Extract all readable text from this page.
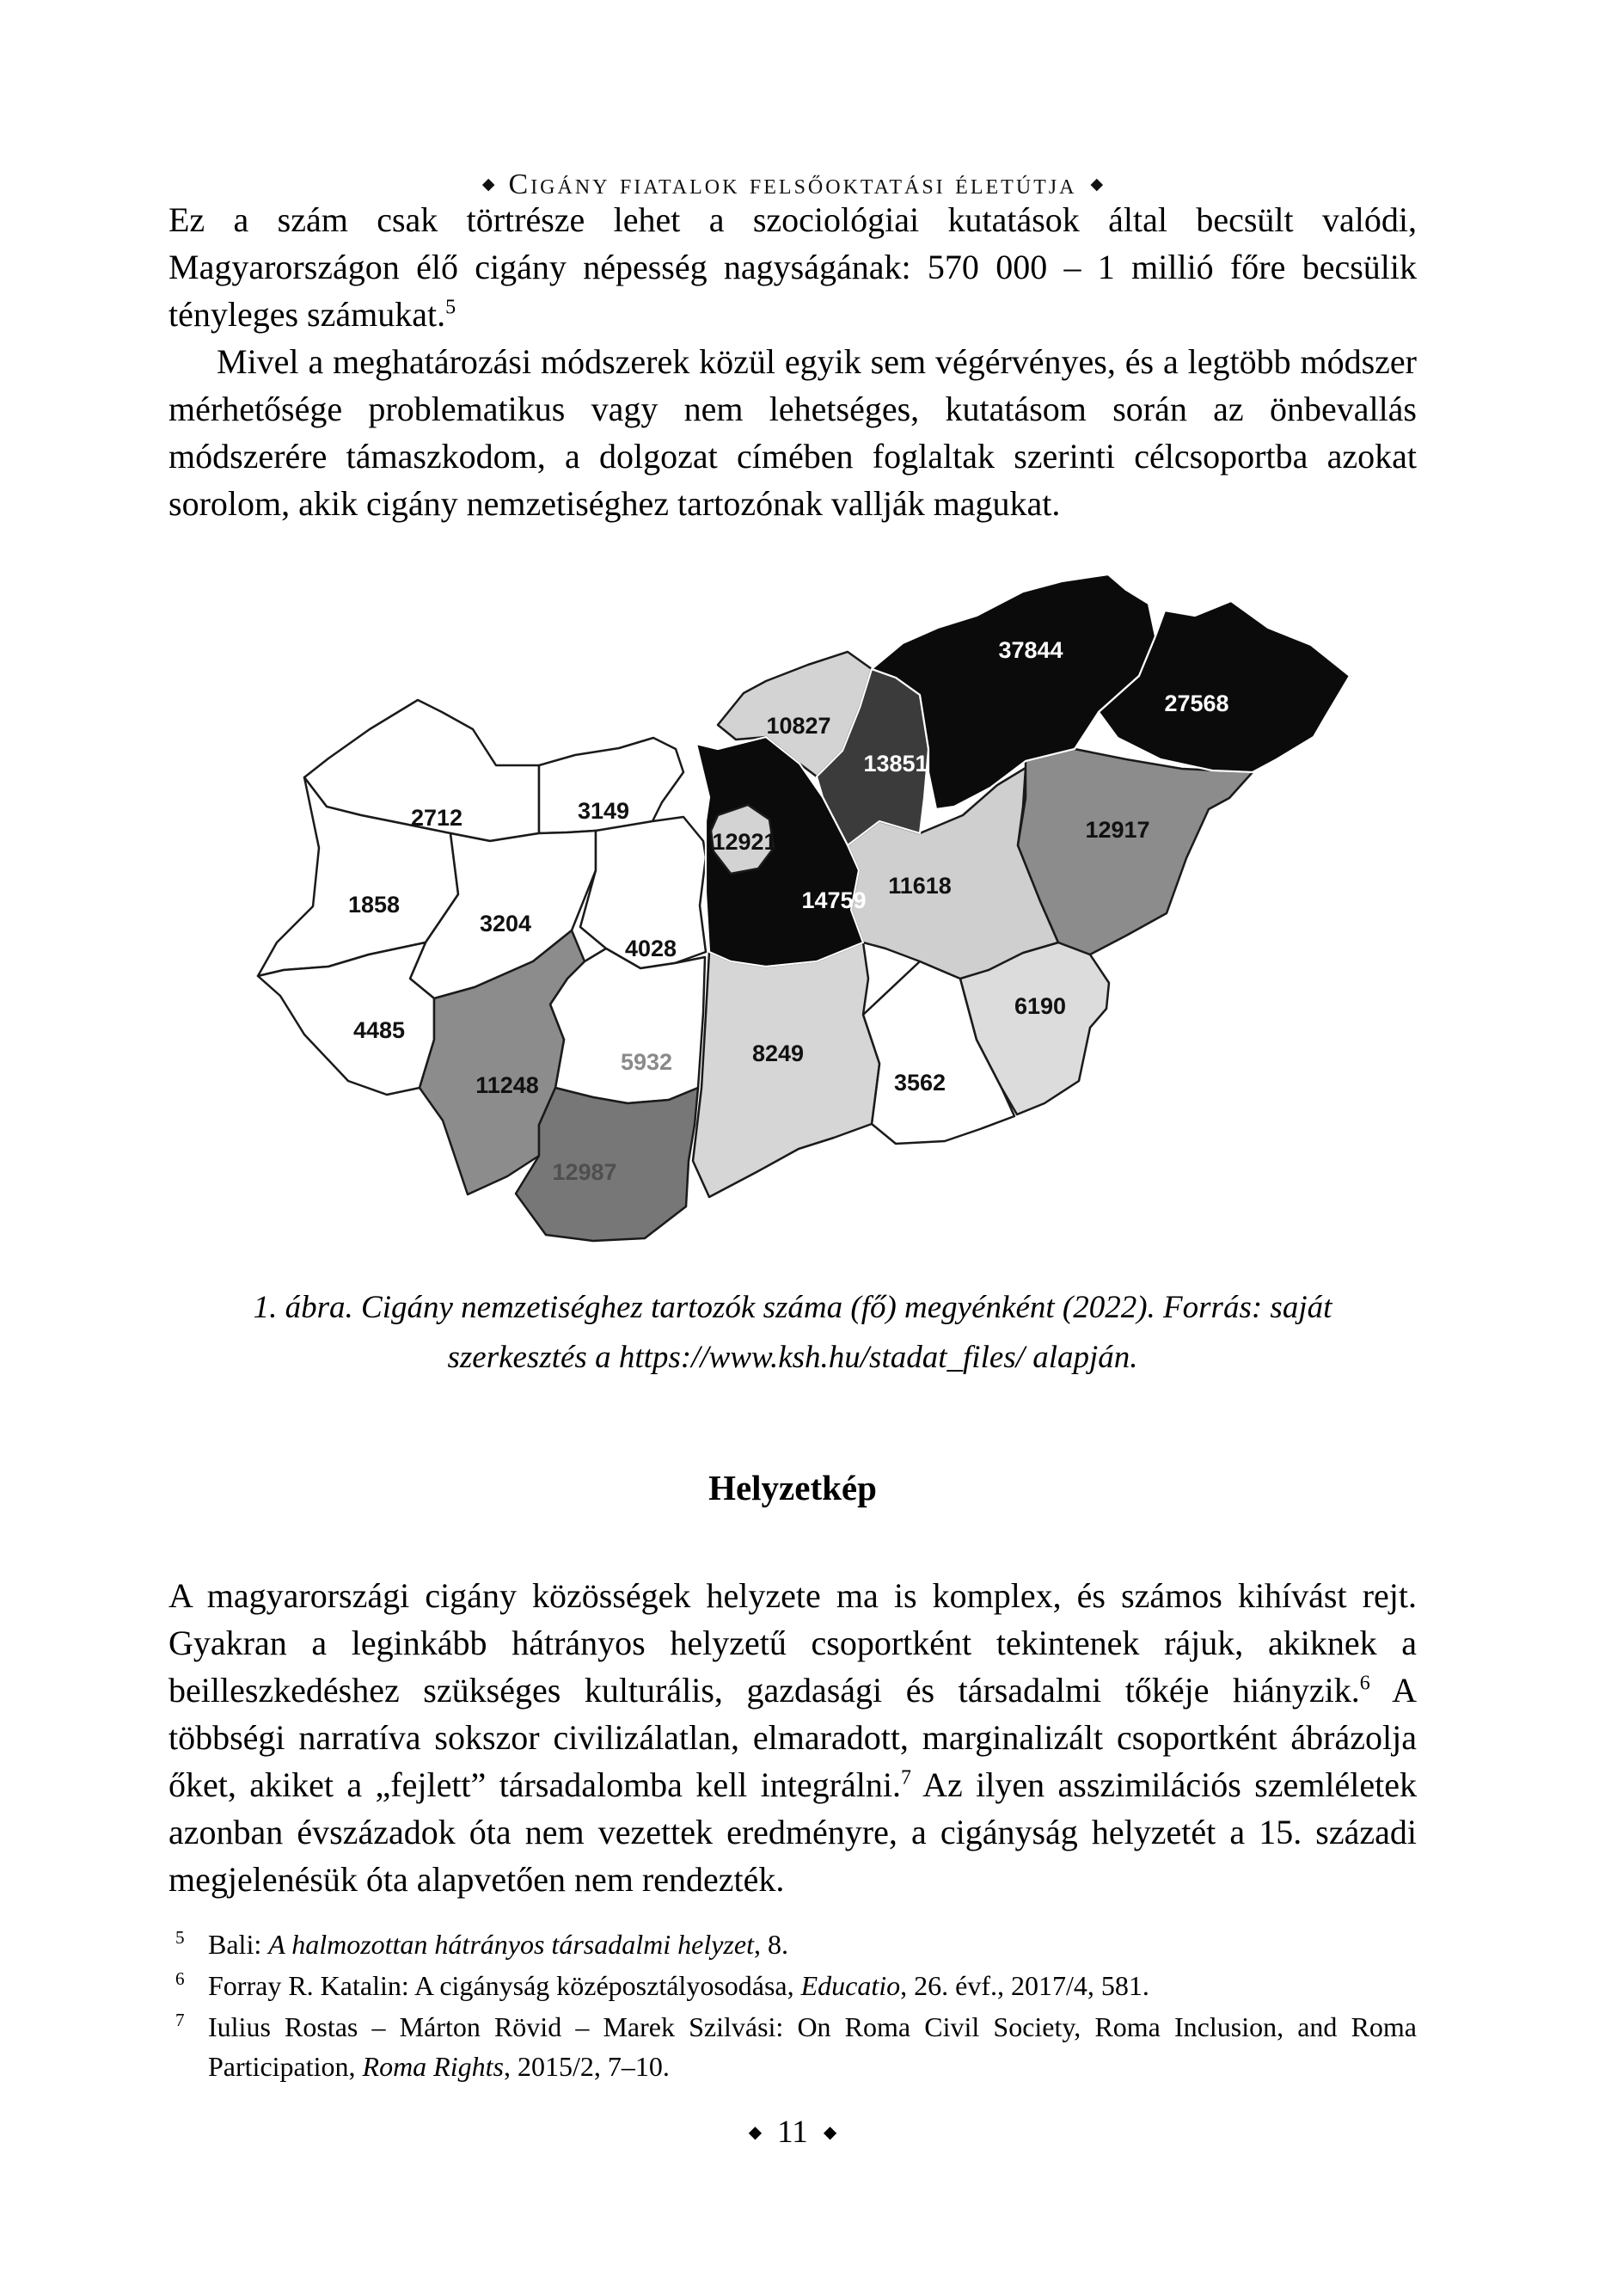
◆ Cigány fiatalok felsőoktatási életútja ◆

Ez a szám csak törtrésze lehet a szociológiai kutatások által becsült valódi, Magyarországon élő cigány népesség nagyságának: 570 000 – 1 millió főre becsülik tényleges számukat.$^5$

Mivel a meghatározási módszerek közül egyik sem végérvényes, és a legtöbb módszer mérhetősége problematikus vagy nem lehetséges, kutatásom során az önbevallás módszerére támaszkodom, a dolgozat címében foglaltak szerinti célcsoportba azokat sorolom, akik cigány nemzetiséghez tartozónak vallják magukat.

2712	3149
1858
3204
4485
4028
11248
5932
12987
8249
3562
6190
11618
12917
10827
13851
37844
27568
14759
12921
1. ábra. Cigány nemzetiséghez tartozók száma (fő) megyénként (2022). Forrás: saját szerkesztés a https://www.ksh.hu/stadat_files/ alapján.
Helyzetkép

A magyarországi cigány közösségek helyzete ma is komplex, és számos kihívást rejt. Gyakran a leginkább hátrányos helyzetű csoportként tekintenek rájuk, akiknek a beilleszkedéshez szükséges kulturális, gazdasági és társadalmi tőkéje hiányzik.$^6$ A többségi narratíva sokszor civilizálatlan, elmaradott, marginalizált csoportként ábrázolja őket, akiket a „fejlett” társadalomba kell integrálni.$^7$ Az ilyen asszimilációs szemléletek azonban évszázadok óta nem vezettek eredményre, a cigányság helyzetét a 15. századi megjelenésük óta alapvetően nem rendezték.

5 Bali: A halmozottan hátrányos társadalmi helyzet, 8.

6 Forray R. Katalin: A cigányság középosztályosodása, Educatio, 26. évf., 2017/4, 581.

7 Iulius Rostas – Márton Rövid – Marek Szilvási: On Roma Civil Society, Roma Inclusion, and Roma Participation, Roma Rights, 2015/2, 7–10.

◆ 11 ◆
